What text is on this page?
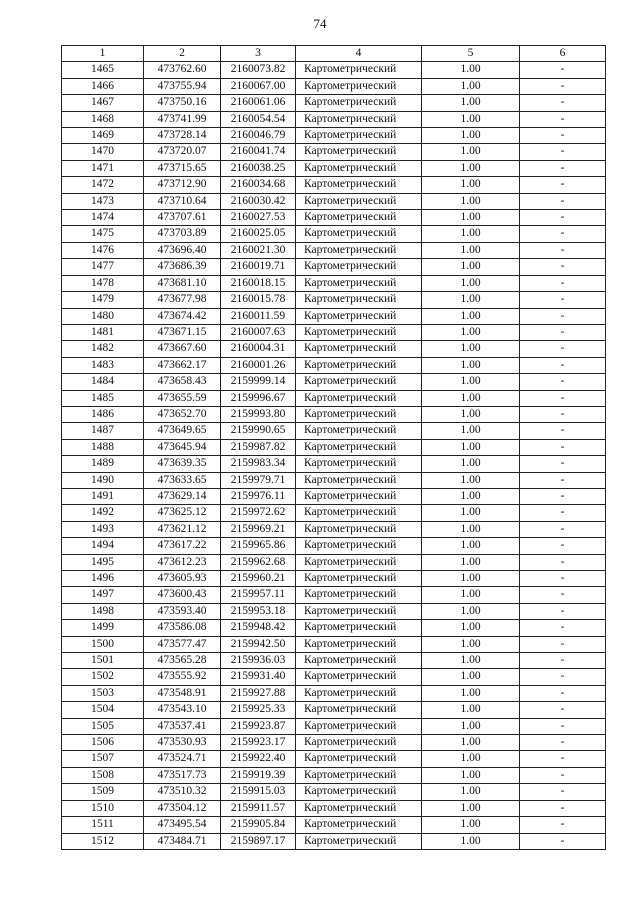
74
1	2	3	4	5	6
1465	473762.60	2160073.82	Картометрический	1.00	-
1466	473755.94	2160067.00	Картометрический	1.00	-
1467	473750.16	2160061.06	Картометрический	1.00	-
1468	473741.99	2160054.54	Картометрический	1.00	-
1469	473728.14	2160046.79	Картометрический	1.00	-
1470	473720.07	2160041.74	Картометрический	1.00	-
1471	473715.65	2160038.25	Картометрический	1.00	-
1472	473712.90	2160034.68	Картометрический	1.00	-
1473	473710.64	2160030.42	Картометрический	1.00	-
1474	473707.61	2160027.53	Картометрический	1.00	-
1475	473703.89	2160025.05	Картометрический	1.00	-
1476	473696.40	2160021.30	Картометрический	1.00	-
1477	473686.39	2160019.71	Картометрический	1.00	-
1478	473681.10	2160018.15	Картометрический	1.00	-
1479	473677.98	2160015.78	Картометрический	1.00	-
1480	473674.42	2160011.59	Картометрический	1.00	-
1481	473671.15	2160007.63	Картометрический	1.00	-
1482	473667.60	2160004.31	Картометрический	1.00	-
1483	473662.17	2160001.26	Картометрический	1.00	-
1484	473658.43	2159999.14	Картометрический	1.00	-
1485	473655.59	2159996.67	Картометрический	1.00	-
1486	473652.70	2159993.80	Картометрический	1.00	-
1487	473649.65	2159990.65	Картометрический	1.00	-
1488	473645.94	2159987.82	Картометрический	1.00	-
1489	473639.35	2159983.34	Картометрический	1.00	-
1490	473633.65	2159979.71	Картометрический	1.00	-
1491	473629.14	2159976.11	Картометрический	1.00	-
1492	473625.12	2159972.62	Картометрический	1.00	-
1493	473621.12	2159969.21	Картометрический	1.00	-
1494	473617.22	2159965.86	Картометрический	1.00	-
1495	473612.23	2159962.68	Картометрический	1.00	-
1496	473605.93	2159960.21	Картометрический	1.00	-
1497	473600.43	2159957.11	Картометрический	1.00	-
1498	473593.40	2159953.18	Картометрический	1.00	-
1499	473586.08	2159948.42	Картометрический	1.00	-
1500	473577.47	2159942.50	Картометрический	1.00	-
1501	473565.28	2159936.03	Картометрический	1.00	-
1502	473555.92	2159931.40	Картометрический	1.00	-
1503	473548.91	2159927.88	Картометрический	1.00	-
1504	473543.10	2159925.33	Картометрический	1.00	-
1505	473537.41	2159923.87	Картометрический	1.00	-
1506	473530.93	2159923.17	Картометрический	1.00	-
1507	473524.71	2159922.40	Картометрический	1.00	-
1508	473517.73	2159919.39	Картометрический	1.00	-
1509	473510.32	2159915.03	Картометрический	1.00	-
1510	473504.12	2159911.57	Картометрический	1.00	-
1511	473495.54	2159905.84	Картометрический	1.00	-
1512	473484.71	2159897.17	Картометрический	1.00	-
